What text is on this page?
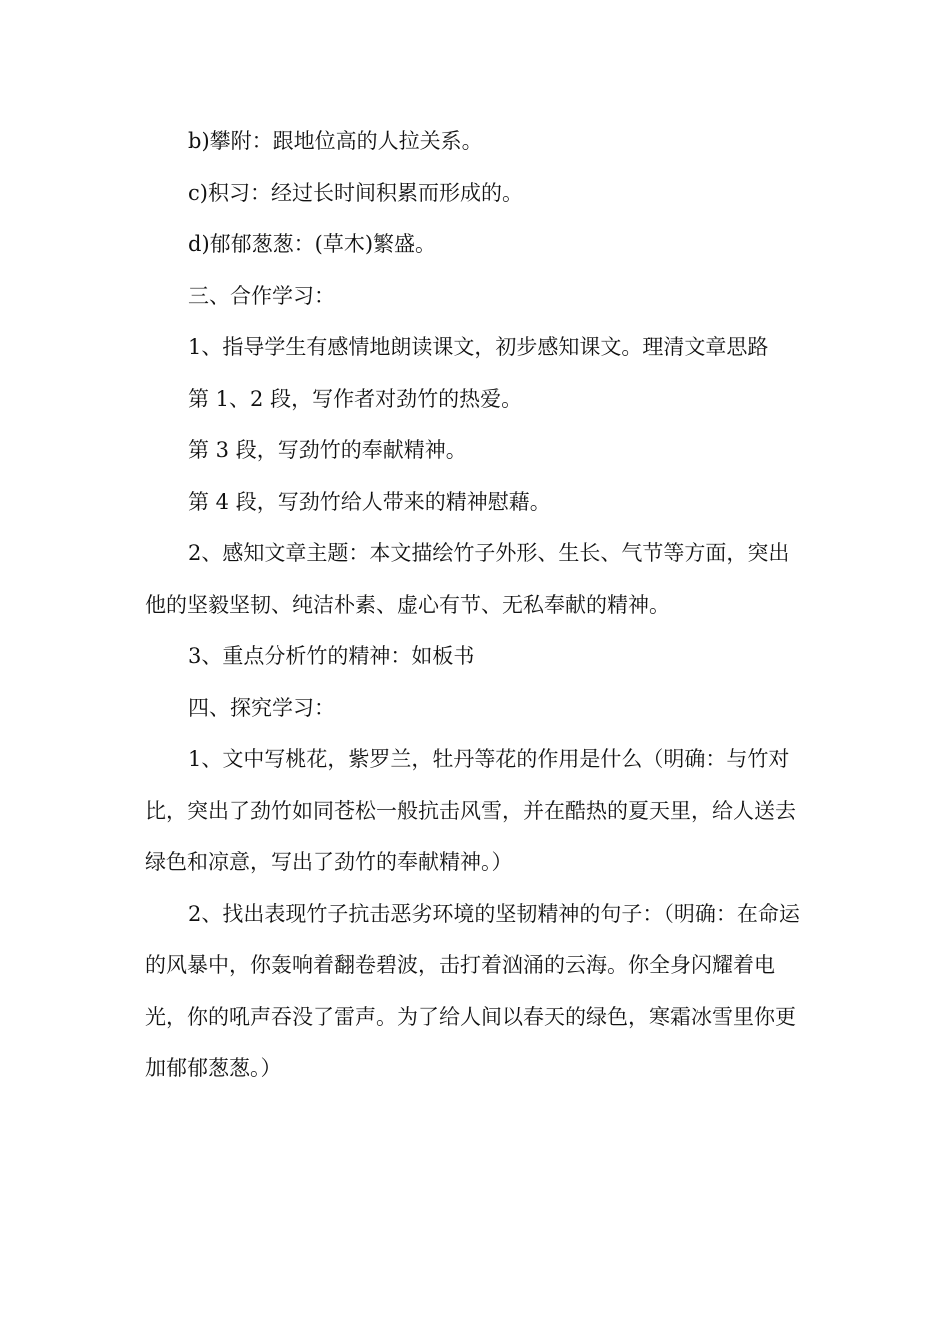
b)攀附：跟地位高的人拉关系。

c)积习：经过长时间积累而形成的。

d)郁郁葱葱：(草木)繁盛。

三、合作学习：

1、指导学生有感情地朗读课文，初步感知课文。理清文章思路

第 1、2 段，写作者对劲竹的热爱。

第 3 段，写劲竹的奉献精神。

第 4 段，写劲竹给人带来的精神慰藉。

2、感知文章主题：本文描绘竹子外形、生长、气节等方面，突出他的坚毅坚韧、纯洁朴素、虚心有节、无私奉献的精神。

3、重点分析竹的精神：如板书

四、探究学习：

1、文中写桃花，紫罗兰，牡丹等花的作用是什么（明确：与竹对比，突出了劲竹如同苍松一般抗击风雪，并在酷热的夏天里，给人送去绿色和凉意，写出了劲竹的奉献精神。）

2、找出表现竹子抗击恶劣环境的坚韧精神的句子：（明确：在命运的风暴中，你轰响着翻卷碧波，击打着汹涌的云海。你全身闪耀着电光，你的吼声吞没了雷声。为了给人间以春天的绿色，寒霜冰雪里你更加郁郁葱葱。）
